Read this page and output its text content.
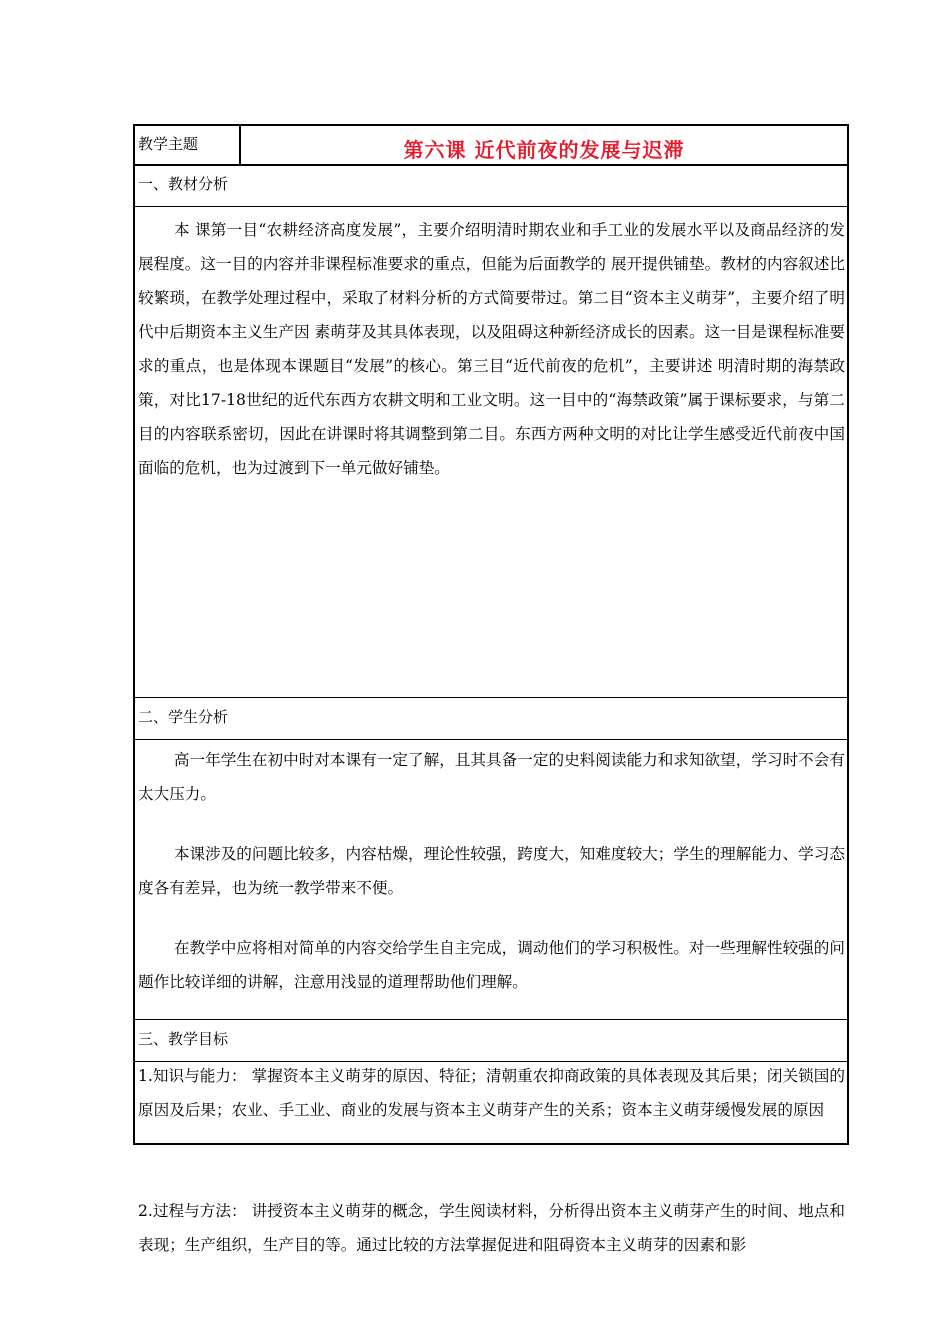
教学主题	第六课 近代前夜的发展与迟滞
一、教材分析

本 课第一目“农耕经济高度发展”，主要介绍明清时期农业和手工业的发展水平以及商品经济的发展程度。这一目的内容并非课程标准要求的重点，但能为后面教学的 展开提供铺垫。教材的内容叙述比较繁琐，在教学处理过程中，采取了材料分析的方式简要带过。第二目“资本主义萌芽”，主要介绍了明代中后期资本主义生产因 素萌芽及其具体表现，以及阻碍这种新经济成长的因素。这一目是课程标准要求的重点，也是体现本课题目“发展”的核心。第三目“近代前夜的危机”，主要讲述 明清时期的海禁政策，对比17-18世纪的近代东西方农耕文明和工业文明。这一目中的“海禁政策”属于课标要求，与第二目的内容联系密切，因此在讲课时将其调整到第二目。东西方两种文明的对比让学生感受近代前夜中国面临的危机，也为过渡到下一单元做好铺垫。

二、学生分析

高一年学生在初中时对本课有一定了解，且其具备一定的史料阅读能力和求知欲望，学习时不会有太大压力。

本课涉及的问题比较多，内容枯燥，理论性较强，跨度大，知难度较大；学生的理解能力、学习态度各有差异，也为统一教学带来不便。

在教学中应将相对简单的内容交给学生自主完成，调动他们的学习积极性。对一些理解性较强的问题作比较详细的讲解，注意用浅显的道理帮助他们理解。

三、教学目标

1.知识与能力： 掌握资本主义萌芽的原因、特征；清朝重农抑商政策的具体表现及其后果；闭关锁国的原因及后果；农业、手工业、商业的发展与资本主义萌芽产生的关系；资本主义萌芽缓慢发展的原因

2.过程与方法： 讲授资本主义萌芽的概念，学生阅读材料，分析得出资本主义萌芽产生的时间、地点和表现；生产组织，生产目的等。通过比较的方法掌握促进和阻碍资本主义萌芽的因素和影
